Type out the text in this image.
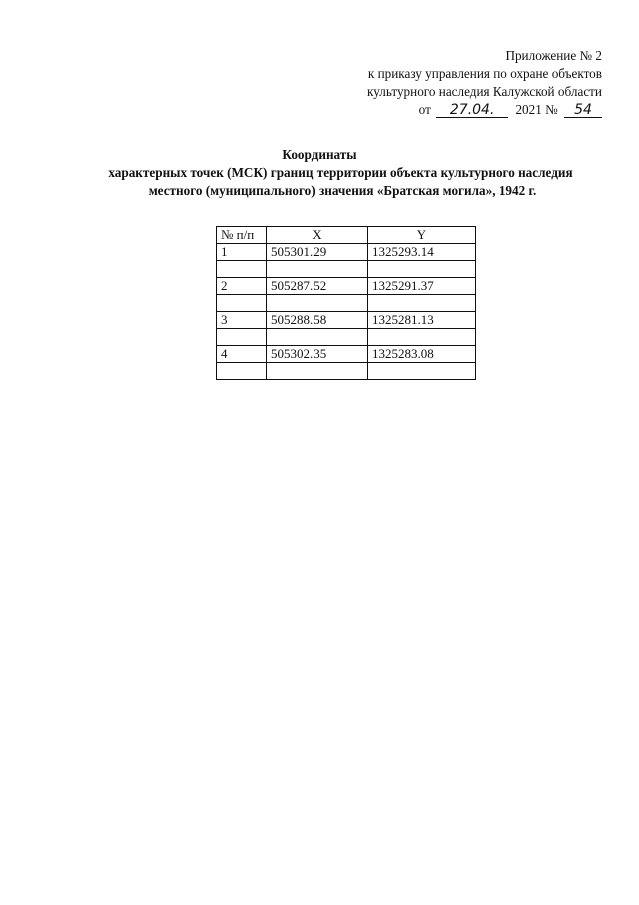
Приложение № 2
к приказу управления по охране объектов
культурного наследия Калужской области
от 27.04. 2021 № 54
Координаты
характерных точек (МСК) границ территории объекта культурного наследия
местного (муниципального) значения «Братская могила», 1942 г.
№ п/п	X	Y
1	505301.29	1325293.14

2	505287.52	1325291.37

3	505288.58	1325281.13

4	505302.35	1325283.08
